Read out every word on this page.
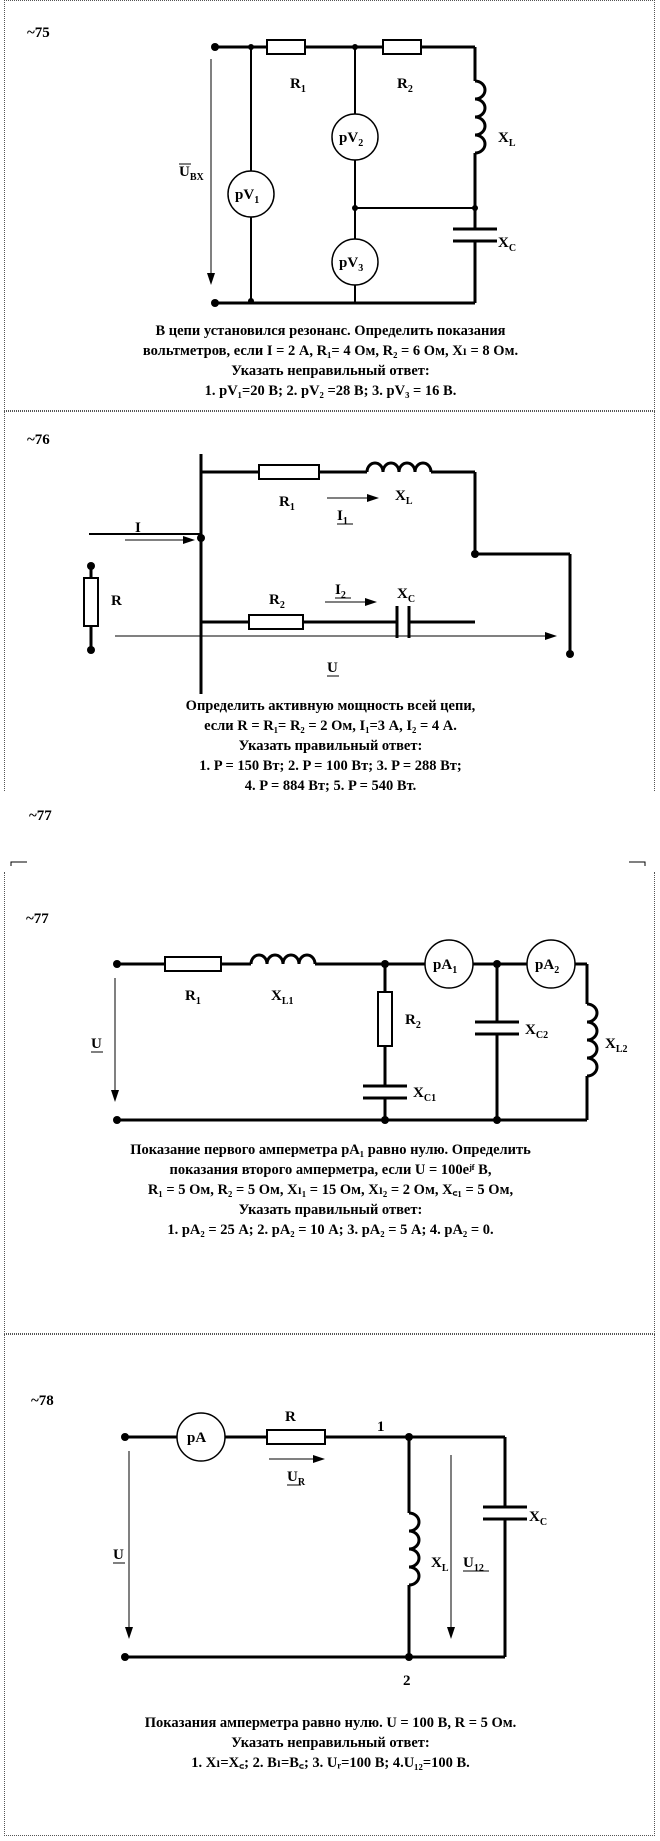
~75
$R_1$	$R_2$
$X_L$
$X_C$
$U_{BX}$
$pV_1$
$pV_2$
$pV_3$
В цепи установился резонанс. Определить показания
вольтметров, если I = 2 А, R₁= 4 Ом, R₂ = 6 Ом, Xₗ = 8 Ом.
Указать неправильный ответ:
1. pV₁=20 В; 2. pV₂ =28 В; 3. pV₃ = 16 В.
~76
$R_1$
$X_L$
$I_1$
I
R	$R_2$
$I_2$	$X_C$
U
Определить активную мощность всей цепи,
если R = R₁= R₂ = 2 Ом, I₁=3 А, I₂ = 4 А.
Указать правильный ответ:
1. P = 150 Вт; 2. P = 100 Вт; 3. P = 288 Вт;
4. P = 884 Вт; 5. P = 540 Вт.
~77
$R_1$	$X_{L1}$
$R_2$
$X_{C1}$
$pA_1$	$pA_2$
$X_{C2}$
$X_{L2}$
U
Показание первого амперметра pA₁ равно нулю. Определить
показания второго амперметра, если U = 100eʲᶠ В,
R₁ = 5 Ом, R₂ = 5 Ом, Xₗ₁ = 15 Ом, Xₗ₂ = 2 Ом, X꜀₁ = 5 Ом,
Указать правильный ответ:
1. pA₂ = 25 А; 2. pA₂ = 10 А; 3. pA₂ = 5 А; 4. pA₂ = 0.
~77
~78
1
2
pA
R
$U_R$
U	$X_L$
$X_C$
$U_{12}$
Показания амперметра равно нулю. U = 100 В, R = 5 Ом.
Указать неправильный ответ:
1. Xₗ=X꜀; 2. Bₗ=B꜀; 3. Uᵣ=100 В; 4.U₁₂=100 В.
